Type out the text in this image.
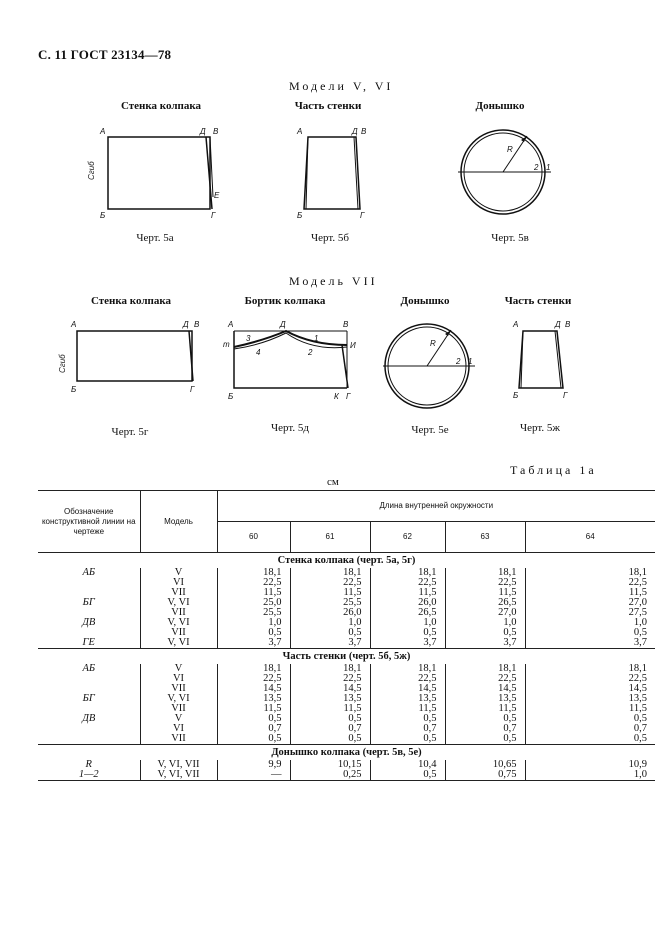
С. 11 ГОСТ 23134—78
Модели V, VI
Стенка колпака	Часть стенки	Донышко
А	Д В
Е
Б	Г
Сгиб
А	Д В
Б	Г
R
2 1
Черт. 5а	Черт. 5б	Черт. 5в
Модель VII
Стенка колпака	Бортик колпака	Донышко	Часть стенки
А	Д В
Б	Г
Сгиб
А	Д	В
m	И
3
4
1
2
Б	К Г
R
2 1
А	Д В
Б	Г
Черт. 5г	Черт. 5д	Черт. 5е	Черт. 5ж
Таблица 1а
см
Обозначение конструктивной линии на чертеже	Модель	Длина внутренней окружности				
		60	61	62	63	64
Стенка колпака (черт. 5а, 5г)						
АБ	V	18,1	18,1	18,1	18,1	18,1
	VI	22,5	22,5	22,5	22,5	22,5
	VII	11,5	11,5	11,5	11,5	11,5
БГ	V, VI	25,0	25,5	26,0	26,5	27,0
	VII	25,5	26,0	26,5	27,0	27,5
ДВ	V, VI	1,0	1,0	1,0	1,0	1,0
	VII	0,5	0,5	0,5	0,5	0,5
ГЕ	V, VI	3,7	3,7	3,7	3,7	3,7
Часть стенки (черт. 5б, 5ж)						
АБ	V	18,1	18,1	18,1	18,1	18,1
	VI	22,5	22,5	22,5	22,5	22,5
	VII	14,5	14,5	14,5	14,5	14,5
БГ	V, VI	13,5	13,5	13,5	13,5	13,5
	VII	11,5	11,5	11,5	11,5	11,5
ДВ	V	0,5	0,5	0,5	0,5	0,5
	VI	0,7	0,7	0,7	0,7	0,7
	VII	0,5	0,5	0,5	0,5	0,5
Донышко колпака (черт. 5в, 5е)						
R	V, VI, VII	9,9	10,15	10,4	10,65	10,9
1—2	V, VI, VII	—	0,25	0,5	0,75	1,0
